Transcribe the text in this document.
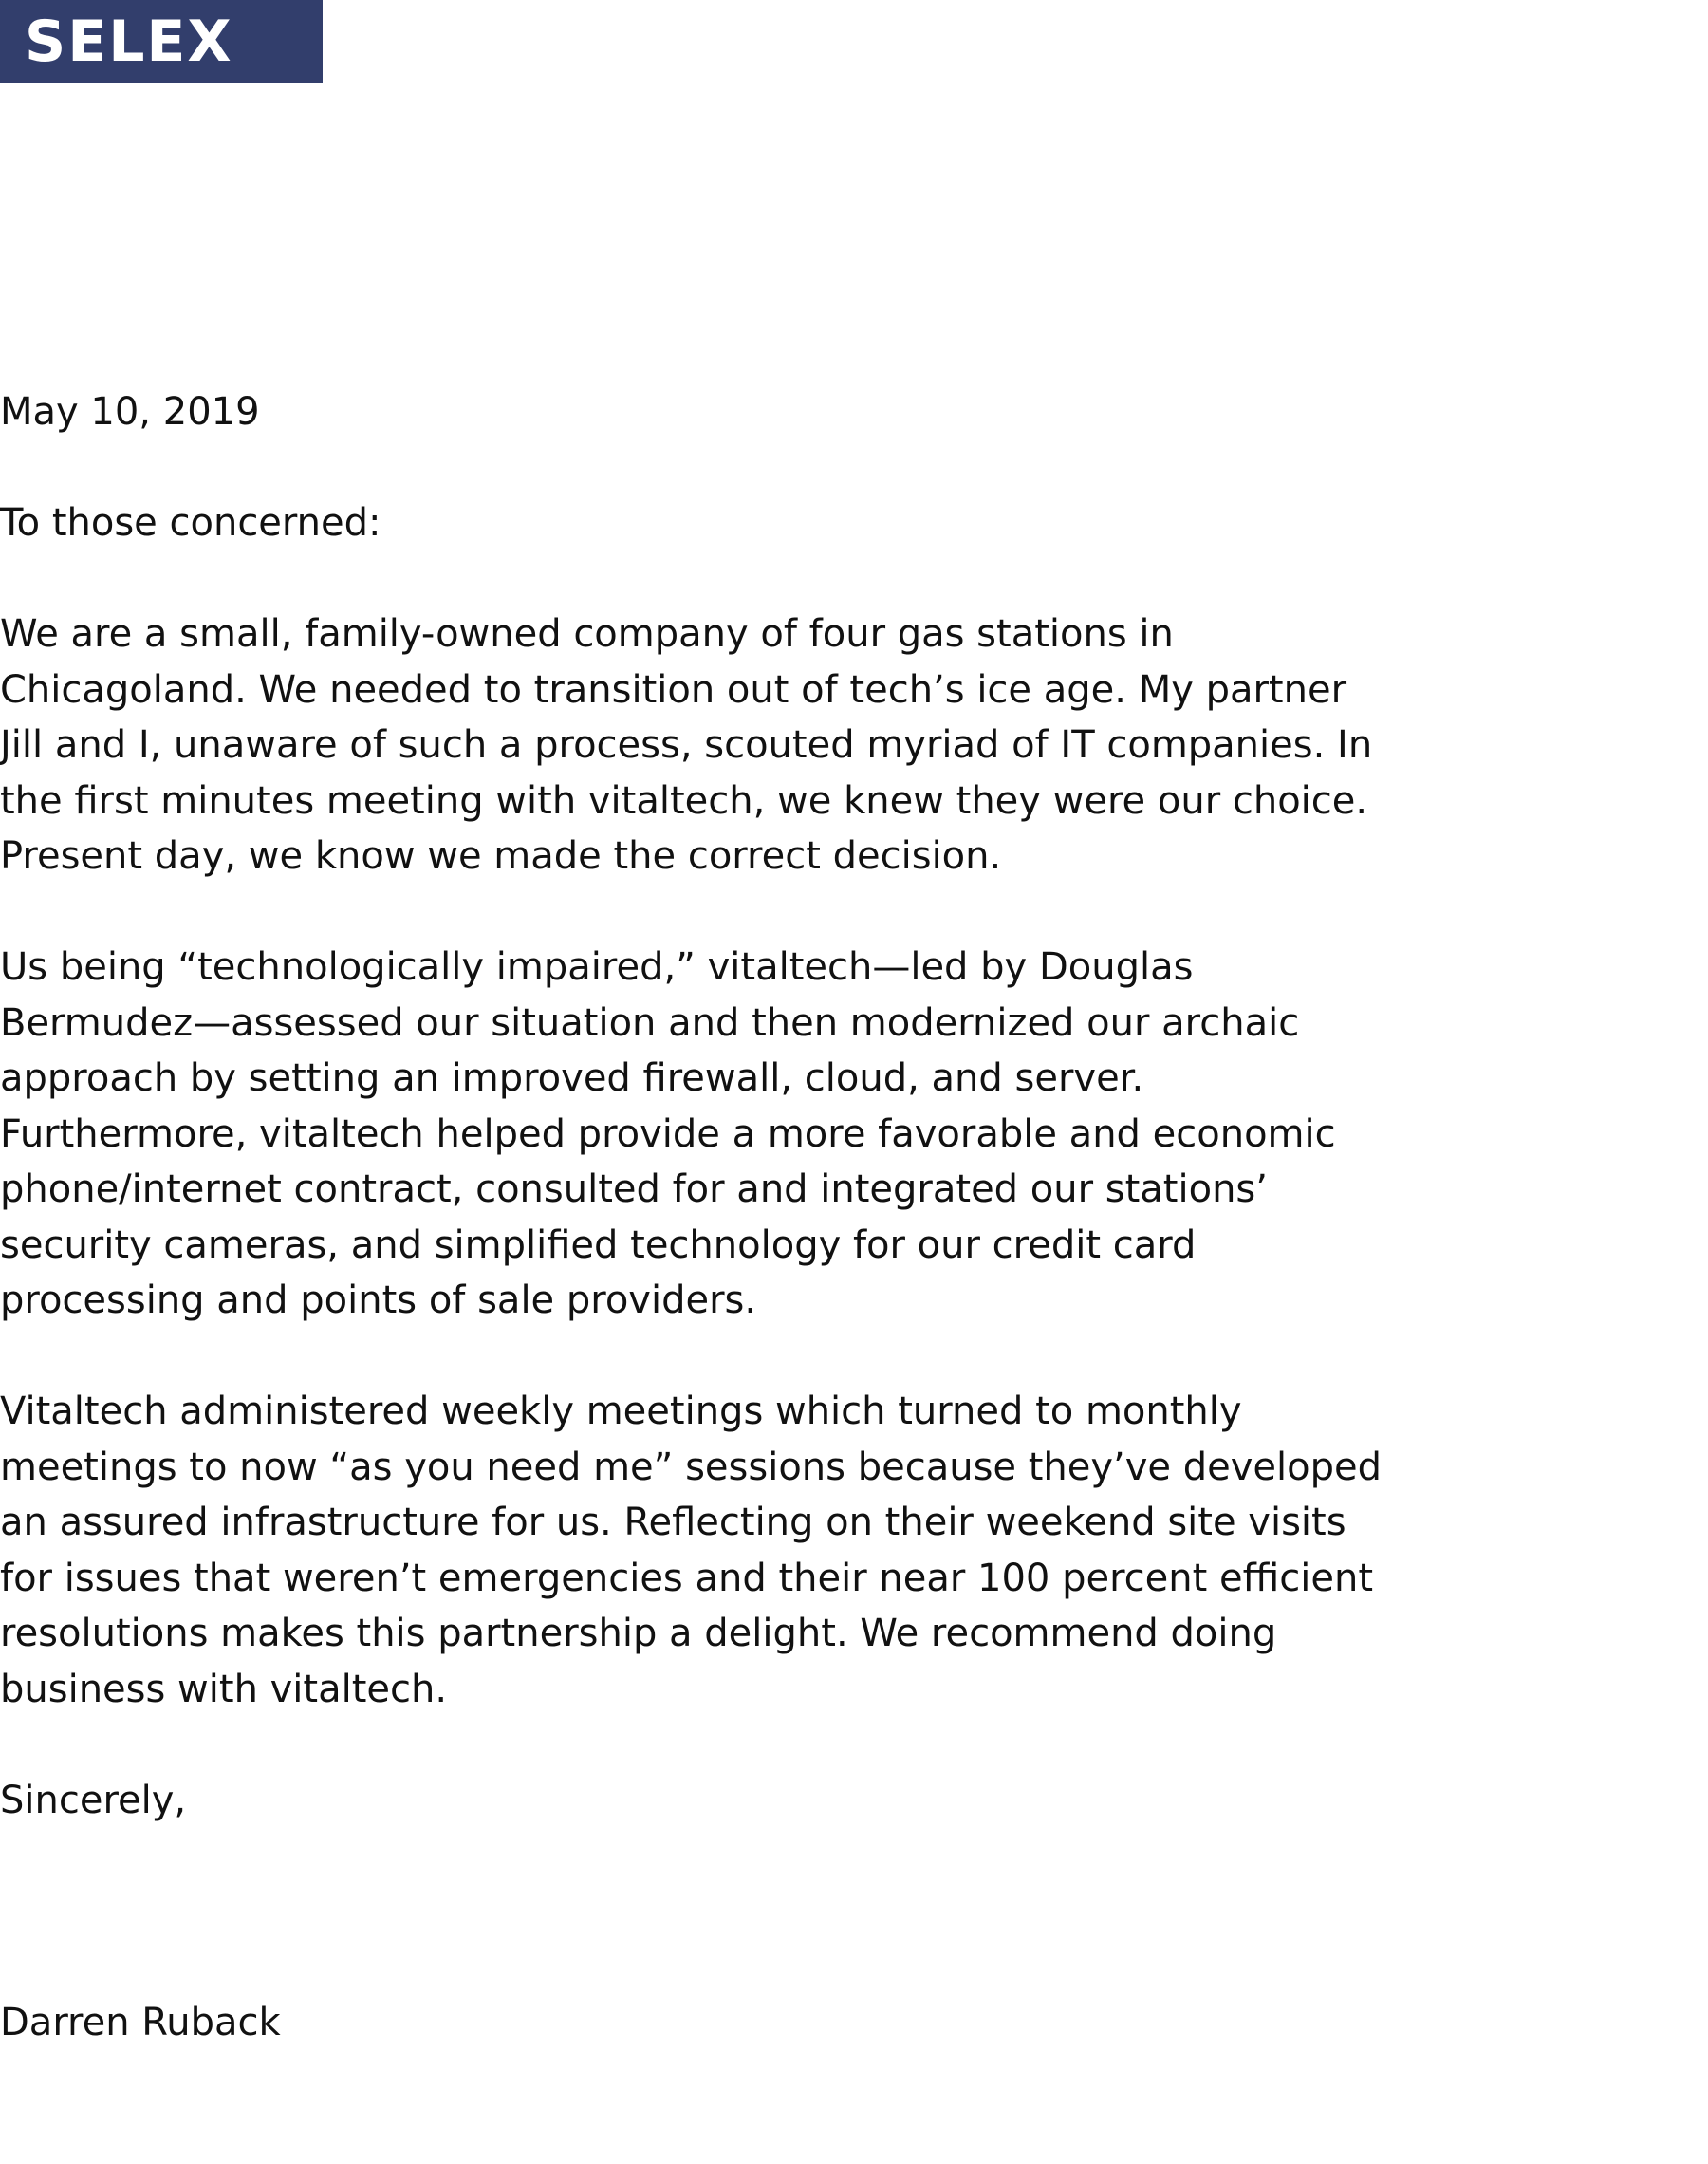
SELEX

May 10, 2019

To those concerned:

We are a small, family-owned company of four gas stations in
Chicagoland. We needed to transition out of tech’s ice age. My partner
Jill and I, unaware of such a process, scouted myriad of IT companies. In
the first minutes meeting with vitaltech, we knew they were our choice.
Present day, we know we made the correct decision.

Us being “technologically impaired,” vitaltech—led by Douglas
Bermudez—assessed our situation and then modernized our archaic
approach by setting an improved firewall, cloud, and server.
Furthermore, vitaltech helped provide a more favorable and economic
phone/internet contract, consulted for and integrated our stations’
security cameras, and simplified technology for our credit card
processing and points of sale providers.

Vitaltech administered weekly meetings which turned to monthly
meetings to now “as you need me” sessions because they’ve developed
an assured infrastructure for us. Reflecting on their weekend site visits
for issues that weren’t emergencies and their near 100 percent efficient
resolutions makes this partnership a delight. We recommend doing
business with vitaltech.

Sincerely,

Darren Ruback
